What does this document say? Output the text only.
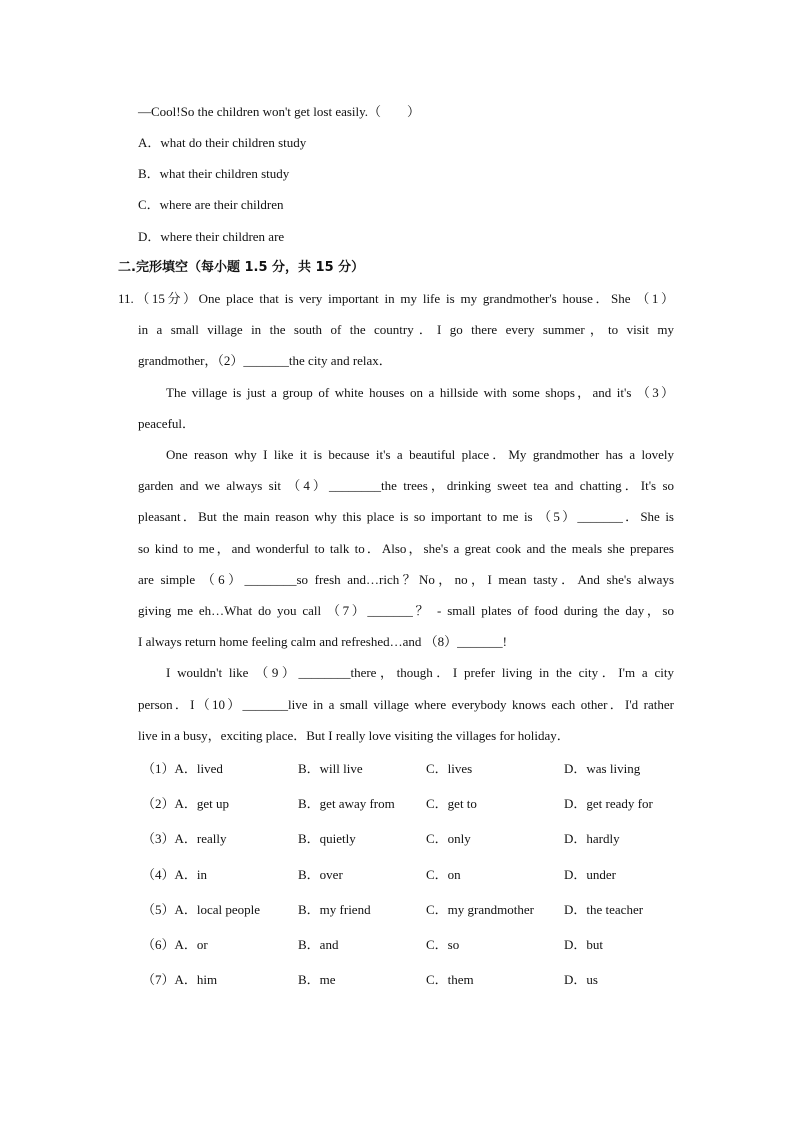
—Cool!So the children won't get lost easily.（　　）
A．what do their children study
B．what their children study
C．where are their children
D．where their children are
二.完形填空（每小题 1.5 分，共 15 分）
11.（15分）One place that is very important in my life is my grandmother's house．She （1）
in a small village in the south of the country．I go there every summer，to visit my
grandmother，（2）_______the city and relax．
The village is just a group of white houses on a hillside with some shops，and it's （3）
peaceful．
One reason why I like it is because it's a beautiful place．My grandmother has a lovely
garden and we always sit （4）________the trees，drinking sweet tea and chatting．It's so
pleasant．But the main reason why this place is so important to me is （5）_______．She is
so kind to me，and wonderful to talk to．Also，she's a great cook and the meals she prepares
are simple （6）________so fresh and…rich？No，no，I mean tasty．And she's always
giving me eh…What do you call （7）_______？ - small plates of food during the day，so
I always return home feeling calm and refreshed…and （8）_______!
I wouldn't like （9）________there，though．I prefer living in the city．I'm a city
person．I（10）_______live in a small village where everybody knows each other．I'd rather
live in a busy，exciting place．But I really love visiting the villages for holiday．
（1）A．lived	B．will live	C．lives	D．was living
（2）A．get up	B．get away from C．get to	D．get ready for
（3）A．really	B．quietly	C．only	D．hardly
（4）A．in	B．over	C．on	D．under
（5）A．local people	B．my friend	C．my grandmother D．the teacher
（6）A．or	B．and	C．so	D．but
（7）A．him	B．me	C．them	D．us
